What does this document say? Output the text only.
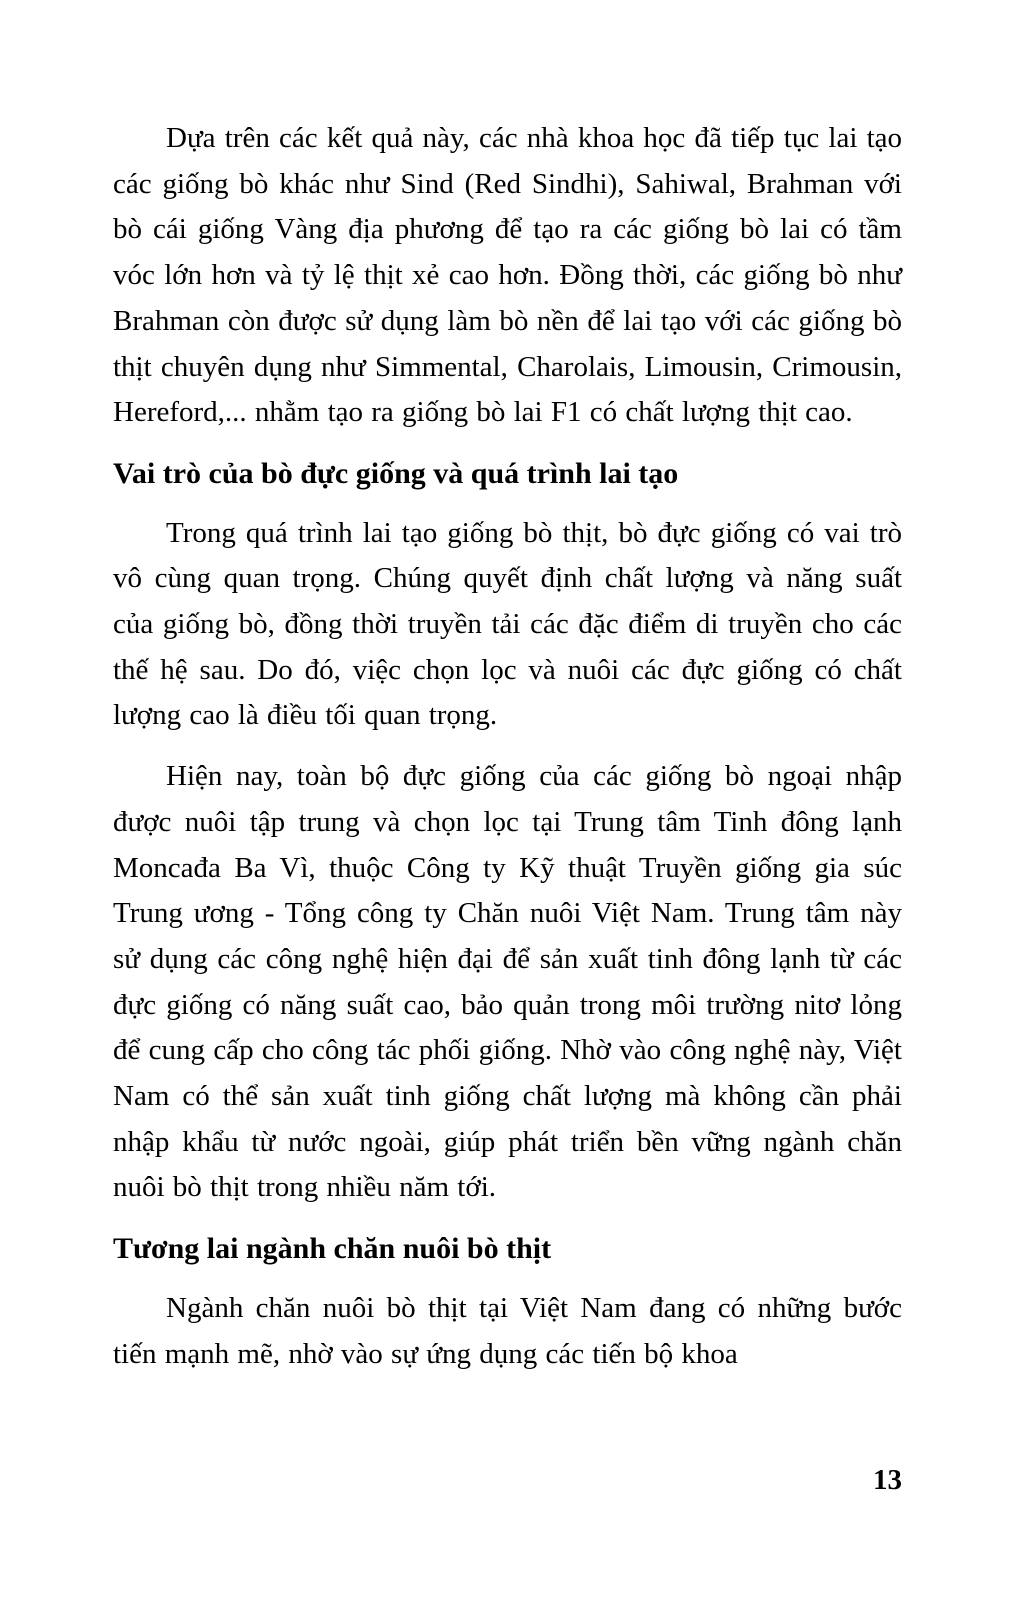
Dựa trên các kết quả này, các nhà khoa học đã tiếp tục lai tạo các giống bò khác như Sind (Red Sindhi), Sahiwal, Brahman với bò cái giống Vàng địa phương để tạo ra các giống bò lai có tầm vóc lớn hơn và tỷ lệ thịt xẻ cao hơn. Đồng thời, các giống bò như Brahman còn được sử dụng làm bò nền để lai tạo với các giống bò thịt chuyên dụng như Simmental, Charolais, Limousin, Crimousin, Hereford,... nhằm tạo ra giống bò lai F1 có chất lượng thịt cao.

Vai trò của bò đực giống và quá trình lai tạo

Trong quá trình lai tạo giống bò thịt, bò đực giống có vai trò vô cùng quan trọng. Chúng quyết định chất lượng và năng suất của giống bò, đồng thời truyền tải các đặc điểm di truyền cho các thế hệ sau. Do đó, việc chọn lọc và nuôi các đực giống có chất lượng cao là điều tối quan trọng.

Hiện nay, toàn bộ đực giống của các giống bò ngoại nhập được nuôi tập trung và chọn lọc tại Trung tâm Tinh đông lạnh Moncađa Ba Vì, thuộc Công ty Kỹ thuật Truyền giống gia súc Trung ương - Tổng công ty Chăn nuôi Việt Nam. Trung tâm này sử dụng các công nghệ hiện đại để sản xuất tinh đông lạnh từ các đực giống có năng suất cao, bảo quản trong môi trường nitơ lỏng để cung cấp cho công tác phối giống. Nhờ vào công nghệ này, Việt Nam có thể sản xuất tinh giống chất lượng mà không cần phải nhập khẩu từ nước ngoài, giúp phát triển bền vững ngành chăn nuôi bò thịt trong nhiều năm tới.

Tương lai ngành chăn nuôi bò thịt

Ngành chăn nuôi bò thịt tại Việt Nam đang có những bước tiến mạnh mẽ, nhờ vào sự ứng dụng các tiến bộ khoa

13
